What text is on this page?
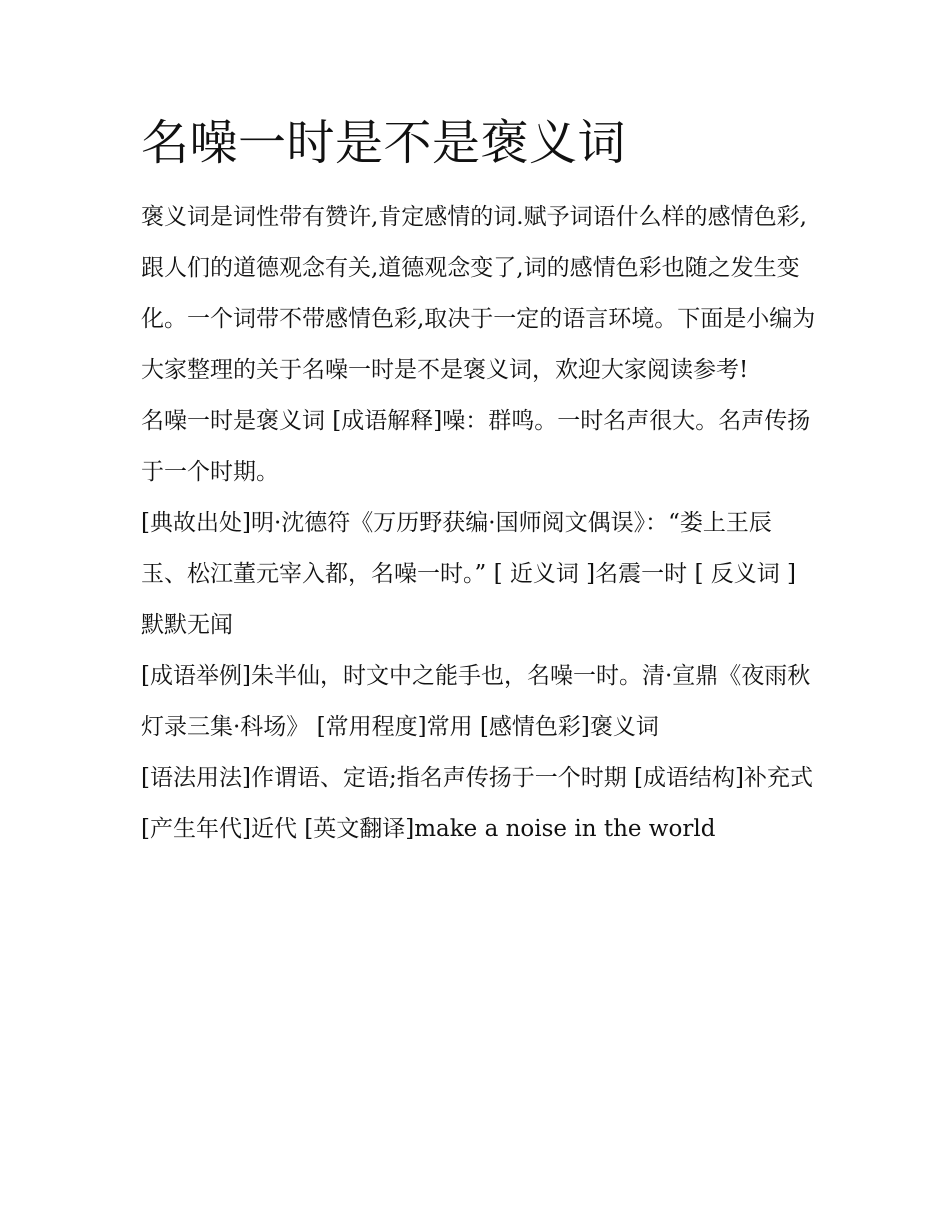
名噪一时是不是褒义词

褒义词是词性带有赞许,肯定感情的词.赋予词语什么样的感情色彩,跟人们的道德观念有关,道德观念变了,词的感情色彩也随之发生变化。一个词带不带感情色彩,取决于一定的语言环境。下面是小编为大家整理的关于名噪一时是不是褒义词，欢迎大家阅读参考!

名噪一时是褒义词 [成语解释]噪：群鸣。一时名声很大。名声传扬于一个时期。

[典故出处]明·沈德符《万历野获编·国师阅文偶误》：“娄上王辰玉、松江董元宰入都，名噪一时。” [ 近义词 ]名震一时 [ 反义词 ]默默无闻

[成语举例]朱半仙，时文中之能手也，名噪一时。清·宣鼎《夜雨秋灯录三集·科场》 [常用程度]常用 [感情色彩]褒义词

[语法用法]作谓语、定语;指名声传扬于一个时期 [成语结构]补充式 [产生年代]近代 [英文翻译]make a noise in the world
